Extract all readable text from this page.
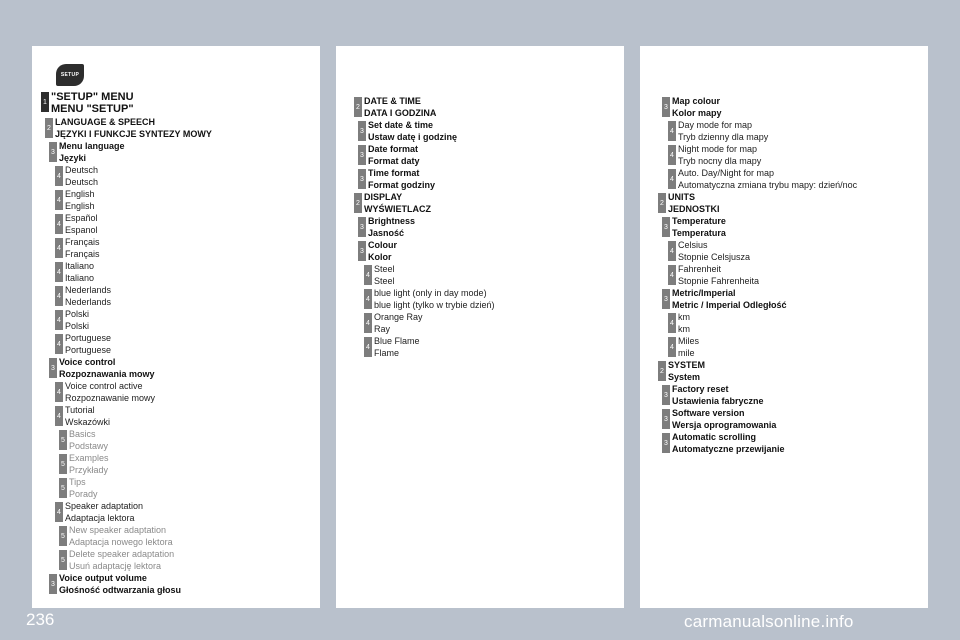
SETUP
1 "SETUP" MENU
MENU "SETUP"
2
LANGUAGE & SPEECH
JĘZYKI I FUNKCJE SYNTEZY MOWY
3
Menu language
Języki
4
Deutsch
Deutsch
4
English
English
4
Español
Espanol
4
Français
Français
4
Italiano
Italiano
4
Nederlands
Nederlands
4
Polski
Polski
4
Portuguese
Portuguese
3
Voice control
Rozpoznawania mowy
4
Voice control active
Rozpoznawanie mowy
4
Tutorial
Wskazówki
5
Basics
Podstawy
5
Examples
Przykłady
5
Tips
Porady
4
Speaker adaptation
Adaptacja lektora
5
New speaker adaptation
Adaptacja nowego lektora
5
Delete speaker adaptation
Usuń adaptację lektora
3
Voice output volume
Głośność odtwarzania głosu
2
DATE & TIME
DATA I GODZINA
3
Set date & time
Ustaw datę i godzinę
3
Date format
Format daty
3
Time format
Format godziny
2
DISPLAY
WYŚWIETLACZ
3
Brightness
Jasność
3
Colour
Kolor
4
Steel
Steel
4
blue light (only in day mode)
blue light (tylko w trybie dzień)
4
Orange Ray
Ray
4
Blue Flame
Flame
3
Map colour
Kolor mapy
4
Day mode for map
Tryb dzienny dla mapy
4
Night mode for map
Tryb nocny dla mapy
4
Auto. Day/Night for map
Automatyczna zmiana trybu mapy: dzień/noc
2
UNITS
JEDNOSTKI
3
Temperature
Temperatura
4
Celsius
Stopnie Celsjusza
4
Fahrenheit
Stopnie Fahrenheita
3
Metric/Imperial
Metric / Imperial Odległość
4
km
km
4
Miles
mile
2
SYSTEM
System
3
Factory reset
Ustawienia fabryczne
3
Software version
Wersja oprogramowania
3
Automatic scrolling
Automatyczne przewijanie
236	carmanualsonline.info
